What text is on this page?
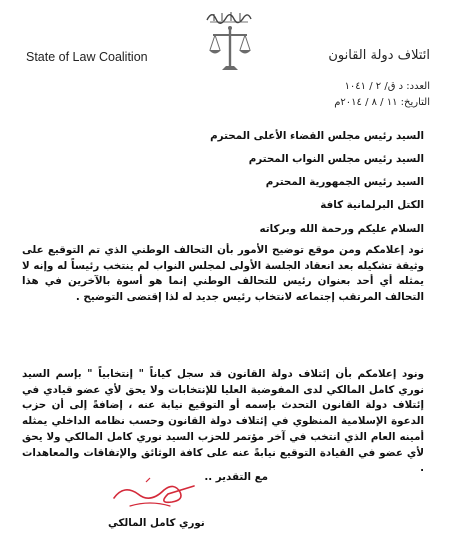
State of Law Coalition	ائتلاف دولة القانون
العدد: د ق/ ٢ / ١٠٤١
التاريخ: ١١ / ٨ / ٢٠١٤م
السيد رئيس مجلس القضاء الأعلى المحترم
السيد رئيس مجلس النواب المحترم
السيد رئيس الجمهورية المحترم
الكتل البرلمانية كافة
السلام عليكم ورحمة الله وبركاته
نود إعلامكم ومن موقع توضيح الأمور بأن التحالف الوطني الذي تم التوقيع على وثيقة تشكيله بعد انعقاد الجلسة الأولى لمجلس النواب لم ينتخب رئيساً له وإنه لا يمثله أي أحد بعنوان رئيس للتحالف الوطني إنما هو أسوة بالآخرين في هذا التحالف المرتقب إجتماعه لانتخاب رئيس جديد له لذا إقتضى التوضيح .
ونود إعلامكم بأن إئتلاف دولة القانون قد سجل كياناً " إنتخابياً " بإسم السيد نوري كامل المالكي لدى المفوضية العليا للإنتخابات ولا يحق لأي عضو قيادي في إئتلاف دولة القانون التحدث بإسمه أو التوقيع نيابة عنه ، إضافةً إلى أن حزب الدعوة الإسلامية المنظوي في إئتلاف دولة القانون وحسب نظامه الداخلي يمثله أمينه العام الذي انتخب في آخر مؤتمر للحزب السيد نوري كامل المالكي ولا يحق لأي عضو في القيادة التوقيع نيابةً عنه على كافة الوثائق والإتفاقات والمعاهدات .
مع التقدير ..
نوري كامل المالكي
